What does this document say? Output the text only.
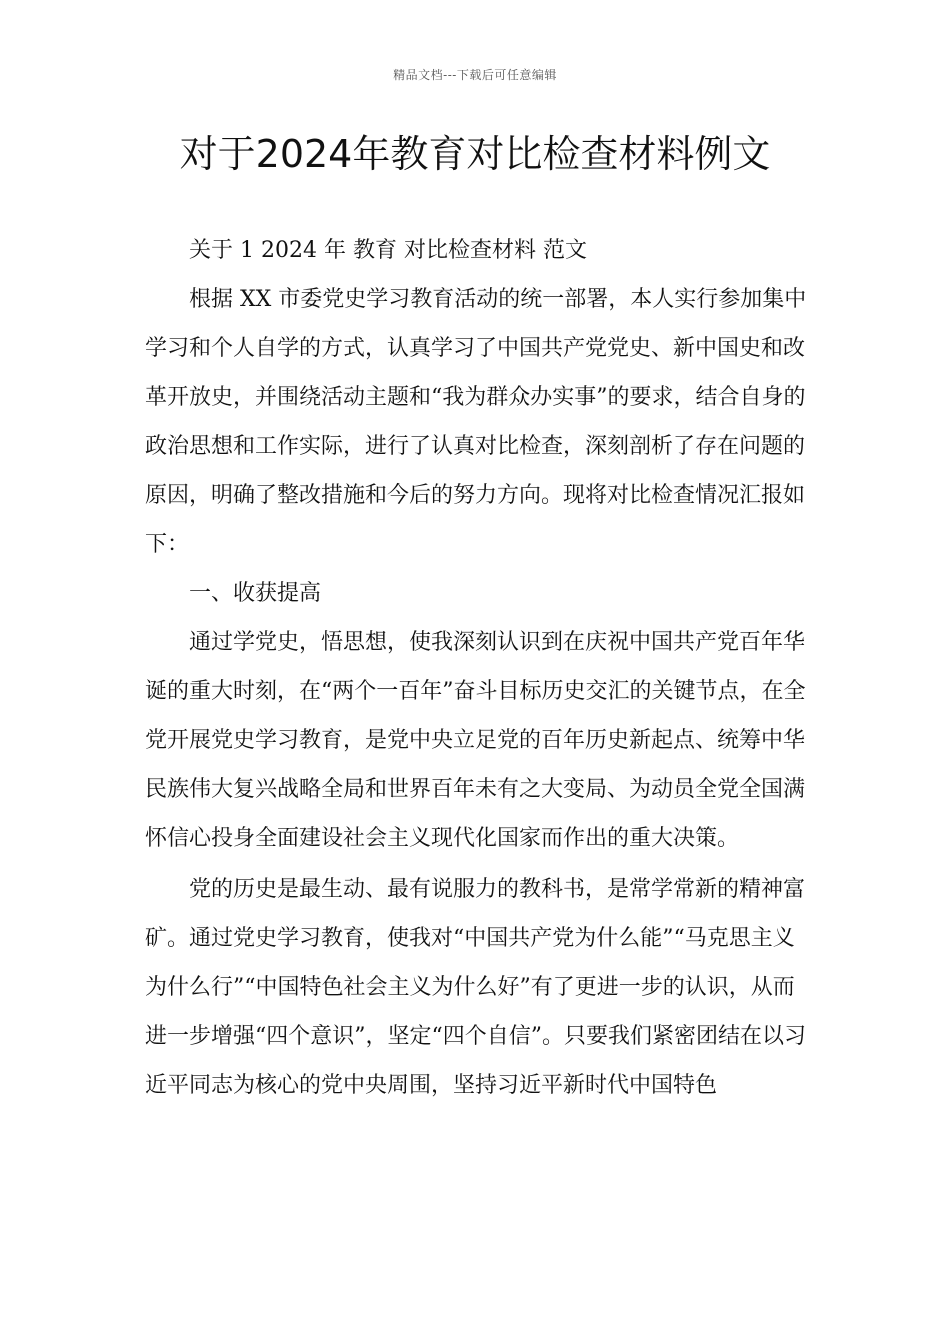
精品文档---下载后可任意编辑
对于2024年教育对比检查材料例文

关于 1 2024 年 教育 对比检查材料 范文

根据 XX 市委党史学习教育活动的统一部署，本人实行参加集中学习和个人自学的方式，认真学习了中国共产党党史、新中国史和改革开放史，并围绕活动主题和“我为群众办实事”的要求，结合自身的政治思想和工作实际，进行了认真对比检查，深刻剖析了存在问题的原因，明确了整改措施和今后的努力方向。现将对比检查情况汇报如下：

一、收获提高

通过学党史，悟思想，使我深刻认识到在庆祝中国共产党百年华诞的重大时刻，在“两个一百年”奋斗目标历史交汇的关键节点，在全党开展党史学习教育，是党中央立足党的百年历史新起点、统筹中华民族伟大复兴战略全局和世界百年未有之大变局、为动员全党全国满怀信心投身全面建设社会主义现代化国家而作出的重大决策。

党的历史是最生动、最有说服力的教科书，是常学常新的精神富矿。通过党史学习教育，使我对“中国共产党为什么能”“马克思主义为什么行”“中国特色社会主义为什么好”有了更进一步的认识，从而进一步增强“四个意识”，坚定“四个自信”。只要我们紧密团结在以习近平同志为核心的党中央周围，坚持习近平新时代中国特色
